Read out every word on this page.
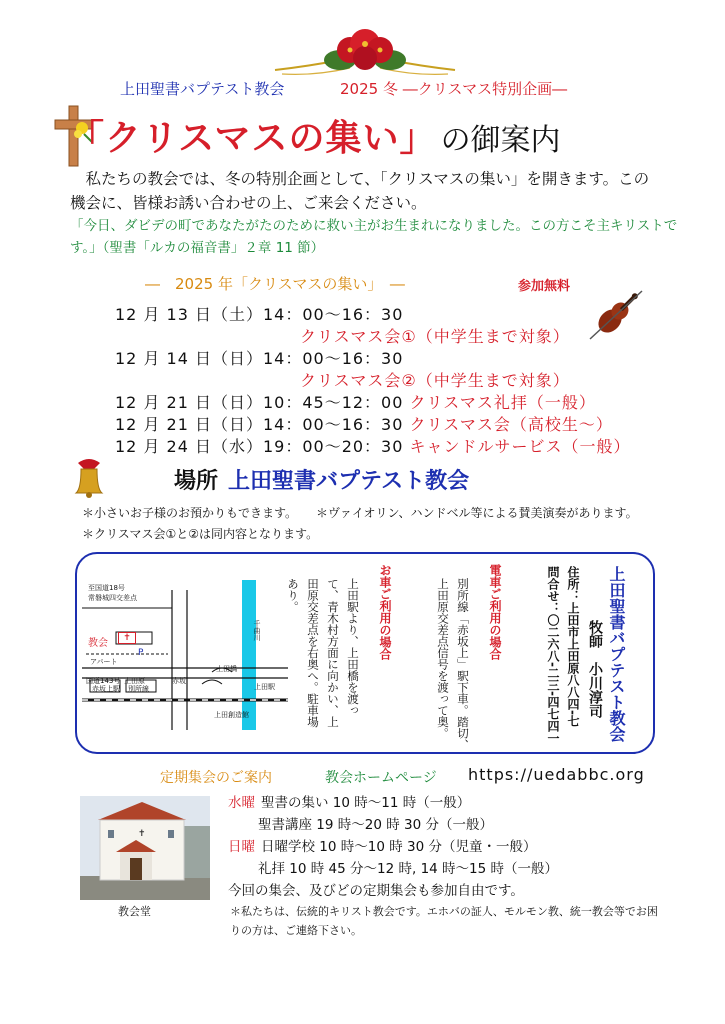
上田聖書バプテスト教会	2025 冬 ―クリスマス特別企画―
「クリスマスの集い」 の御案内
私たちの教会では、冬の特別企画として、「クリスマスの集い」を開きます。この機会に、皆様お誘い合わせの上、ご来会ください。
「今日、ダビデの町であなたがたのために救い主がお生まれになりました。この方こそ主キリストです。」（聖書「ルカの福音書」２章 11 節）
―　2025 年「クリスマスの集い」　―	参加無料
12 月 13 日（土）14：00～16：30
クリスマス会①（中学生まで対象）
12 月 14 日（日）14：00～16：30
クリスマス会②（中学生まで対象）
12 月 21 日（日）10：45～12：00 クリスマス礼拝（一般）
12 月 21 日（日）14：00～16：30 クリスマス会（高校生～）
12 月 24 日（水）19：00～20：30 キャンドルサービス（一般）
場所 上田聖書バプテスト教会
＊小さいお子様のお預かりもできます。 ＊ヴァイオリン、ハンドベル等による賛美演奏があります。
＊クリスマス会①と②は同内容となります。
至国道18号
常磐城四交差点
教会	✝
P
アパート
国道143号 上田原	赤坂
赤坂上駅 別所線
千曲川
上田橋
上田駅
上田創造館	上田聖書バプテスト教会
牧師　小川淳司
住所：上田市上田原八八四-七
問合せ：〇二六八-二三-四七四一
電車ご利用の場合
別所線「赤坂上」駅下車。踏切、
上田原交差点信号を渡って奥。
お車ご利用の場合
上田駅より、上田橋を渡っ
て、青木村方面に向かい、上
田原交差点を右奥へ。駐車場
あり。
定期集会のご案内	教会ホームページ https://uedabbc.org
✝
教会堂
水曜 聖書の集い 10 時～11 時（一般）
聖書講座 19 時～20 時 30 分（一般）
日曜 日曜学校 10 時～10 時 30 分（児童・一般）
礼拝 10 時 45 分～12 時, 14 時～15 時（一般）
今回の集会、及びどの定期集会も参加自由です。
＊私たちは、伝統的キリスト教会です。エホバの証人、モルモン教、統一教会等でお困りの方は、ご連絡下さい。
